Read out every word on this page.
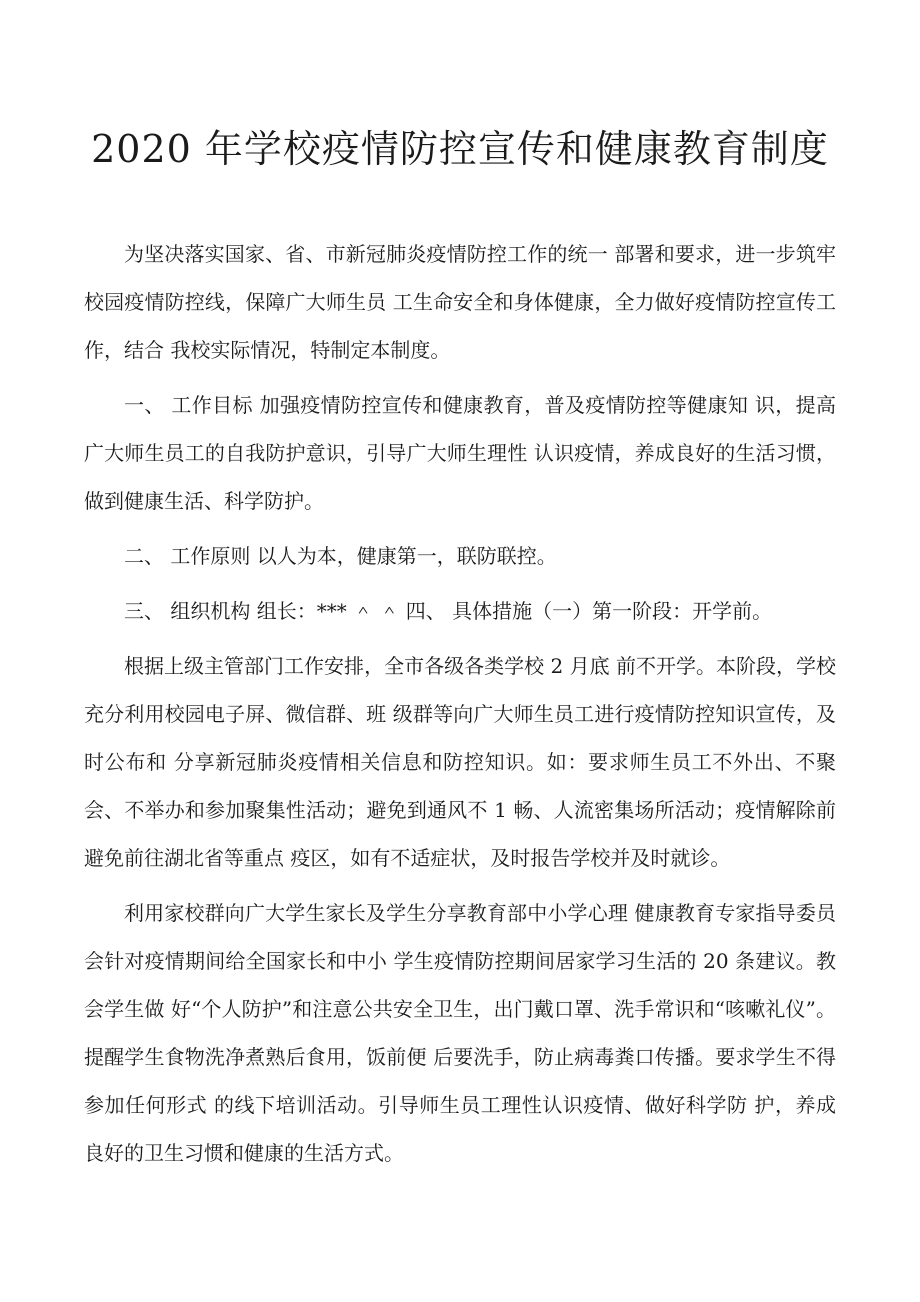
2020 年学校疫情防控宣传和健康教育制度

为坚决落实国家、省、市新冠肺炎疫情防控工作的统一 部署和要求，进一步筑牢校园疫情防控线，保障广大师生员 工生命安全和身体健康，全力做好疫情防控宣传工作，结合 我校实际情况，特制定本制度。

一、 工作目标 加强疫情防控宣传和健康教育，普及疫情防控等健康知 识，提高广大师生员工的自我防护意识，引导广大师生理性 认识疫情，养成良好的生活习惯，做到健康生活、科学防护。

二、 工作原则 以人为本，健康第一，联防联控。

三、 组织机构 组长：*** ＾ ＾ 四、 具体措施（一）第一阶段：开学前。

根据上级主管部门工作安排，全市各级各类学校 2 月底 前不开学。本阶段，学校充分利用校园电子屏、微信群、班 级群等向广大师生员工进行疫情防控知识宣传，及时公布和 分享新冠肺炎疫情相关信息和防控知识。如：要求师生员工不外出、不聚会、不举办和参加聚集性活动；避免到通风不 1 畅、人流密集场所活动；疫情解除前避免前往湖北省等重点 疫区，如有不适症状，及时报告学校并及时就诊。

利用家校群向广大学生家长及学生分享教育部中小学心理 健康教育专家指导委员会针对疫情期间给全国家长和中小 学生疫情防控期间居家学习生活的 20 条建议。教会学生做 好“个人防护”和注意公共安全卫生，出门戴口罩、洗手常识和“咳嗽礼仪”。提醒学生食物洗净煮熟后食用，饭前便 后要洗手，防止病毒粪口传播。要求学生不得参加任何形式 的线下培训活动。引导师生员工理性认识疫情、做好科学防 护，养成良好的卫生习惯和健康的生活方式。
